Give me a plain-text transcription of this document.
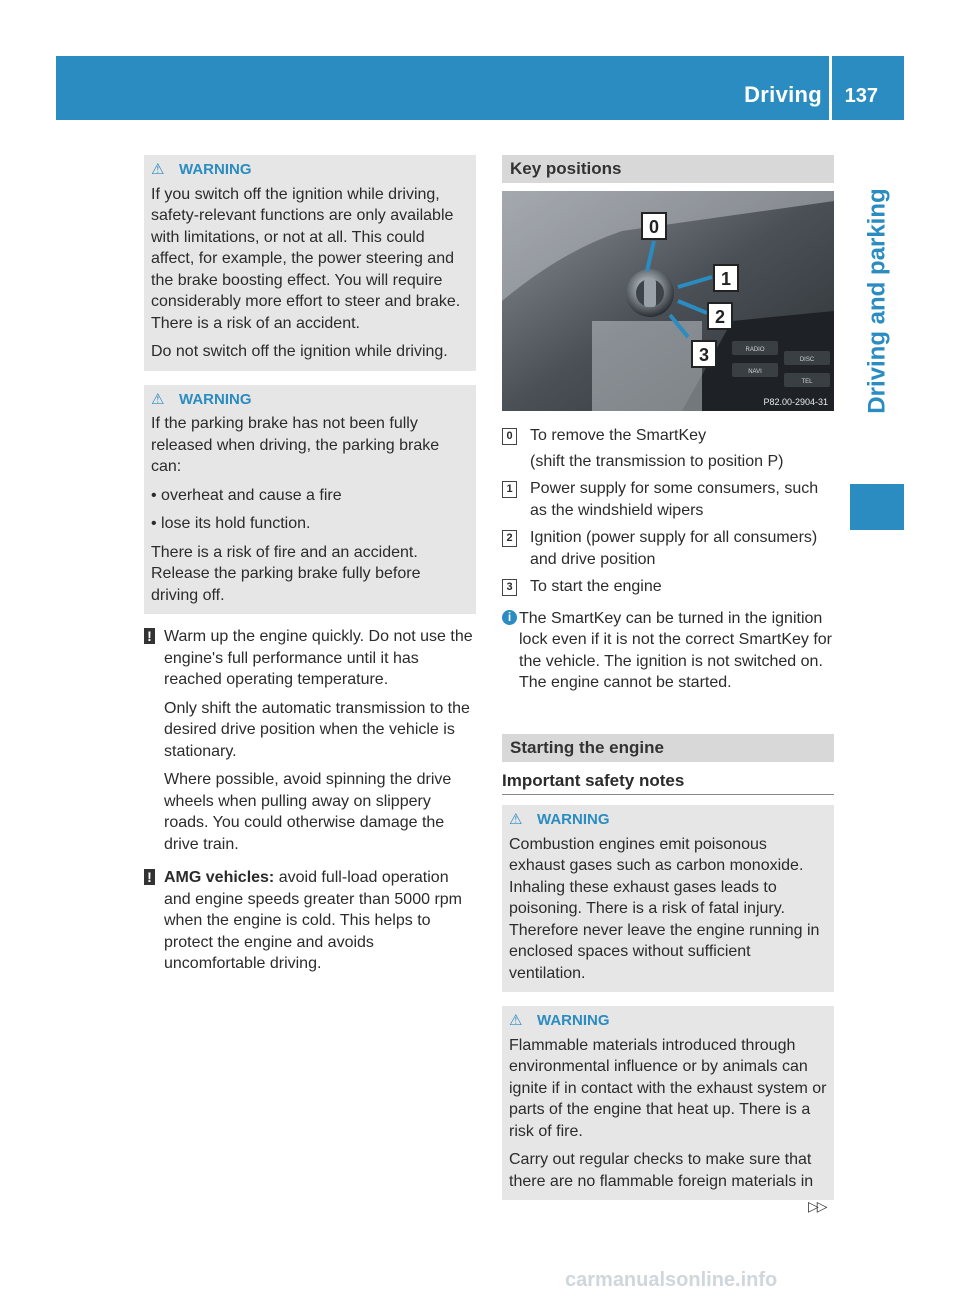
Driving 137
Driving and parking
⚠ WARNING

If you switch off the ignition while driving, safety-relevant functions are only available with limitations, or not at all. This could affect, for example, the power steering and the brake boosting effect. You will require considerably more effort to steer and brake. There is a risk of an accident.

Do not switch off the ignition while driving.

⚠ WARNING

If the parking brake has not been fully released when driving, the parking brake can:

• overheat and cause a fire

• lose its hold function.

There is a risk of fire and an accident. Release the parking brake fully before driving off.

! Warm up the engine quickly. Do not use the engine's full performance until it has reached operating temperature.

Only shift the automatic transmission to the desired drive position when the vehicle is stationary.

Where possible, avoid spinning the drive wheels when pulling away on slippery roads. You could otherwise damage the drive train.

! AMG vehicles: avoid full-load operation and engine speeds greater than 5000 rpm when the engine is cold. This helps to protect the engine and avoids uncomfortable driving.

Key positions
RADIO
DISC
NAVI
TEL
0
1
2
3
P82.00-2904-31
0 To remove the SmartKey

(shift the transmission to position P)

1 Power supply for some consumers, such as the windshield wipers

2 Ignition (power supply for all consumers) and drive position

3 To start the engine

i The SmartKey can be turned in the ignition lock even if it is not the correct SmartKey for the vehicle. The ignition is not switched on. The engine cannot be started.
Starting the engine
Important safety notes
⚠ WARNING

Combustion engines emit poisonous exhaust gases such as carbon monoxide. Inhaling these exhaust gases leads to poisoning. There is a risk of fatal injury. Therefore never leave the engine running in enclosed spaces without sufficient ventilation.

⚠ WARNING

Flammable materials introduced through environmental influence or by animals can ignite if in contact with the exhaust system or parts of the engine that heat up. There is a risk of fire.

Carry out regular checks to make sure that there are no flammable foreign materials in

▷▷
carmanualsonline.info
